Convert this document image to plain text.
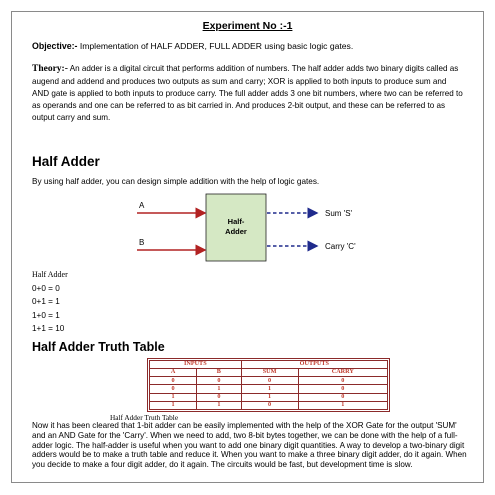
Experiment No :-1
Objective:- Implementation of HALF ADDER, FULL ADDER using basic logic gates.
Theory:- An adder is a digital circuit that performs addition of numbers. The half adder adds two binary digits called as augend and addend and produces two outputs as sum and carry; XOR is applied to both inputs to produce sum and AND gate is applied to both inputs to produce carry. The full adder adds 3 one bit numbers, where two can be referred to as operands and one can be referred to as bit carried in. And produces 2-bit output, and these can be referred to as output carry and sum.
Half Adder
By using half adder, you can design simple addition with the help of logic gates.
A
B
Half-
Adder
Sum 'S'
Carry 'C'
Half Adder
0+0 = 0
0+1 = 1
1+0 = 1
1+1 = 10
Half Adder Truth Table
INPUTS		OUTPUTS	
A	B	SUM	CARRY
0	0	0	0
0	1	1	0
1	0	1	0
1	1	0	1
Half Adder Truth Table
Now it has been cleared that 1-bit adder can be easily implemented with the help of the XOR Gate for the output 'SUM' and an AND Gate for the 'Carry'. When we need to add, two 8-bit bytes together, we can be done with the help of a full-adder logic. The half-adder is useful when you want to add one binary digit quantities. A way to develop a two-binary digit adders would be to make a truth table and reduce it. When you want to make a three binary digit adder, do it again. When you decide to make a four digit adder, do it again. The circuits would be fast, but development time is slow.
